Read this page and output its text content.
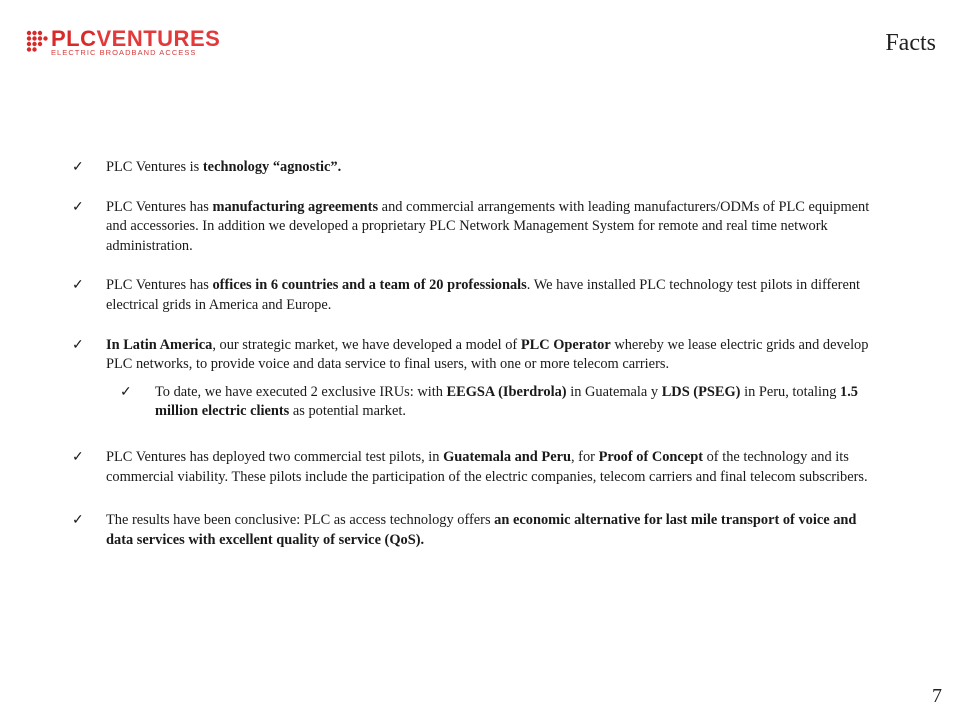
PLCVENTURES
ELECTRIC BROADBAND ACCESS	Facts
✓ PLC Ventures is technology “agnostic”.
✓ PLC Ventures has manufacturing agreements and commercial arrangements with leading manufacturers/ODMs of PLC equipment and accessories. In addition we developed a proprietary PLC Network Management System for remote and real time network administration.
✓ PLC Ventures has offices in 6 countries and a team of 20 professionals. We have installed PLC technology test pilots in different electrical grids in America and Europe.
✓ In Latin America, our strategic market, we have developed a model of PLC Operator whereby we lease electric grids and develop PLC networks, to provide voice and data service to final users, with one or more telecom carriers.
✓ To date, we have executed 2 exclusive IRUs: with EEGSA (Iberdrola) in Guatemala y LDS (PSEG) in Peru, totaling 1.5 million electric clients as potential market.
✓ PLC Ventures has deployed two commercial test pilots, in Guatemala and Peru, for Proof of Concept of the technology and its commercial viability. These pilots include the participation of the electric companies, telecom carriers and final telecom subscribers.
✓ The results have been conclusive: PLC as access technology offers an economic alternative for last mile transport of voice and data services with excellent quality of service (QoS).
7
